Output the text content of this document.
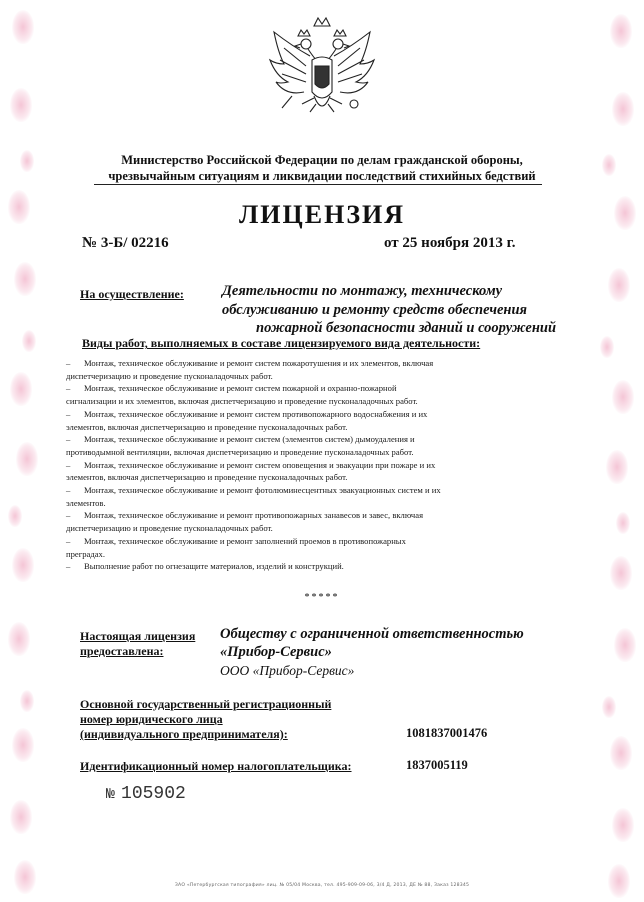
Министерство Российской Федерации по делам гражданской обороны,
чрезвычайным ситуациям и ликвидации последствий стихийных бедствий
ЛИЦЕНЗИЯ
№ 3-Б/ 02216	от 25 ноября 2013 г.
На осуществление:	Деятельности по монтажу, техническому
обслуживанию и ремонту средств обеспечения
пожарной безопасности зданий и сооружений
Виды работ, выполняемых в составе лицензируемого вида деятельности:
– Монтаж, техническое обслуживание и ремонт систем пожаротушения и их элементов, включая
диспетчеризацию и проведение пусконаладочных работ.
– Монтаж, техническое обслуживание и ремонт систем пожарной и охранно-пожарной
сигнализации и их элементов, включая диспетчеризацию и проведение пусконаладочных работ.
– Монтаж, техническое обслуживание и ремонт систем противопожарного водоснабжения и их
элементов, включая диспетчеризацию и проведение пусконаладочных работ.
– Монтаж, техническое обслуживание и ремонт систем (элементов систем) дымоудаления и
противодымной вентиляции, включая диспетчеризацию и проведение пусконаладочных работ.
– Монтаж, техническое обслуживание и ремонт систем оповещения и эвакуации при пожаре и их
элементов, включая диспетчеризацию и проведение пусконаладочных работ.
– Монтаж, техническое обслуживание и ремонт фотолюминесцентных эвакуационных систем и их
элементов.
– Монтаж, техническое обслуживание и ремонт противопожарных занавесов и завес, включая
диспетчеризацию и проведение пусконаладочных работ.
– Монтаж, техническое обслуживание и ремонт заполнений проемов в противопожарных
преградах.
– Выполнение работ по огнезащите материалов, изделий и конструкций.
*****
Настоящая лицензия
предоставлена:
Обществу с ограниченной ответственностью
«Прибор-Сервис»
ООО «Прибор-Сервис»
Основной государственный регистрационный
номер юридического лица
(индивидуального предпринимателя):	1081837001476
Идентификационный номер налогоплательщика:	1837005119
№ 105902
ЗАО «Петербургская типография» лиц. № 05/04 Москва, тел. 495-909-09-06, 3/4 Д, 2013, ДЕ № 88, Заказ 128345
